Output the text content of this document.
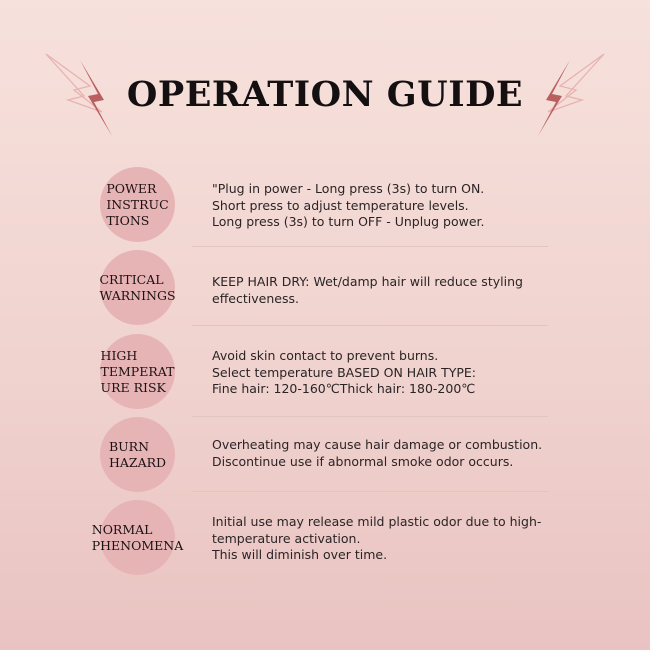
OPERATION GUIDE
POWER
INSTRUC
TIONS
"Plug in power - Long press (3s) to turn ON.
Short press to adjust temperature levels.
Long press (3s) to turn OFF - Unplug power.
CRITICAL
WARNINGS
KEEP HAIR DRY: Wet/damp hair will reduce styling
effectiveness.
HIGH
TEMPERAT
URE RISK
Avoid skin contact to prevent burns.
Select temperature BASED ON HAIR TYPE:
Fine hair: 120-160℃Thick hair: 180-200℃
BURN
HAZARD
Overheating may cause hair damage or combustion.
Discontinue use if abnormal smoke odor occurs.
NORMAL
PHENOMENA
Initial use may release mild plastic odor due to high-
temperature activation.
This will diminish over time.
